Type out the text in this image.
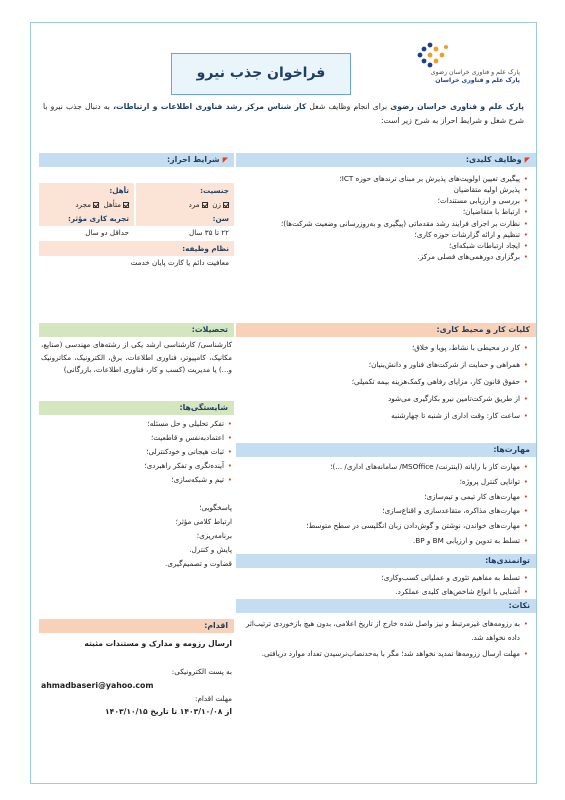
پارک علم و فناوری خراسان رضوی
پارک علم و فناوری خراسان
فراخوان جذب نیرو
پارک علم و فناوری خراسان رضوی برای انجام وظایف شغل کار شناس مرکز رشد فناوری اطلاعات و ارتباطات، به دنبال جذب نیرو با شرح شغل و شرایط احراز به شرح زیر است:
◤
وظایف کلیدی:
• پیگیری تعیین اولویت‌های پذیرش بر مبنای ترندهای حوزه ICT؛
• پذیرش اولیه متقاضیان
• بررسی و ارزیابی مستندات؛
• ارتباط با متقاضیان؛
• نظارت بر اجرای فرایند رشد مقدماتی (پیگیری و به‌روزرسانی وضعیت شرکت‌ها)؛
• تنظیم و ارائه گزارشات حوزه کاری؛
• ایجاد ارتباطات شبکه‌ای؛
• برگزاری دورهمی‌های فصلی مرکز.
◤
شرایط احراز:
جنسیت:
تأهل:
زن  مرد
متأهل  مجرد
سن:
تجربه کاری مؤثر:
۲۲ تا ۳۵ سال
حداقل دو سال
نظام وظیفه:
معافیت دائم یا کارت پایان خدمت
کلیات کار و محیط کاری:
• کار در محیطی با نشاط، پویا و خلاق؛
• همراهی و حمایت از شرکت‌های فناور و دانش‌بنیان؛
• حقوق قانون کار، مزایای رفاهی وکمک‌هزینه بیمه تکمیلی؛
• از طریق شرکت‌تامین نیرو بکارگیری می‌شود
• ساعت کار: وقت اداری از شنبه تا چهارشنبه
تحصیلات:
کارشناسی/ کارشناسی ارشد یکی از رشته‌های مهندسی (صنایع، مکانیک، کامپیوتر، فناوری اطلاعات، برق، الکترونیک، مکاترونیک و...) یا مدیریت (کسب و کار، فناوری اطلاعات، بازرگانی)
شایستگی‌ها:
• تفکر تحلیلی و حل مسئله؛
• اعتماد‌به‌نفس و قاطعیت؛
• ثبات هیجانی و خودکنترلی؛
• آینده‌نگری و تفکر راهبردی؛
• تیم و شبکه‌سازی؛
پاسخگویی؛
ارتباط کلامی مؤثر؛
برنامه‌ریزی؛
پایش و کنترل.
قضاوت و تصمیم‌گیری.
مهارت‌ها:
• مهارت کار با رایانه (اینترنت/ MSOffice/ سامانه‌های اداری/ ...)؛
• توانایی کنترل پروژه؛
• مهارت‌های کار تیمی و تیم‌سازی؛
• مهارت‌های مذاکره، متقاعدسازی و اقناع‌سازی؛
• مهارت‌های خواندن، نوشتن و گوش‌دادن زبان انگلیسی در سطح متوسط؛
• تسلط به تدوین و ارزیابی BM و BP.
توانمندی‌ها:
• تسلط به مفاهیم تئوری و عملیاتی کسب‌وکاری؛
• آشنایی با انواع شاخص‌های کلیدی عملکرد.
نکات:
• به رزومه‌های غیرمرتبط و نیز واصل شده خارج از تاریخ اعلامی، بدون هیچ بازخوردی ترتیب‌اثر داده نخواهد شد.
• مهلت ارسال رزومه‌ها تمدید نخواهد شد؛ مگر با به‌حدنصاب‌نرسیدن تعداد موارد دریافتی.
اقدام:
ارسال رزومه و مدارک و مستندات مثبته
به پست الکترونیکی:
ahmadbaseri@yahoo.com
مهلت اقدام:
از ۱۴۰۳/۱۰/۰۸ تا تاریخ ۱۴۰۳/۱۰/۱۵
